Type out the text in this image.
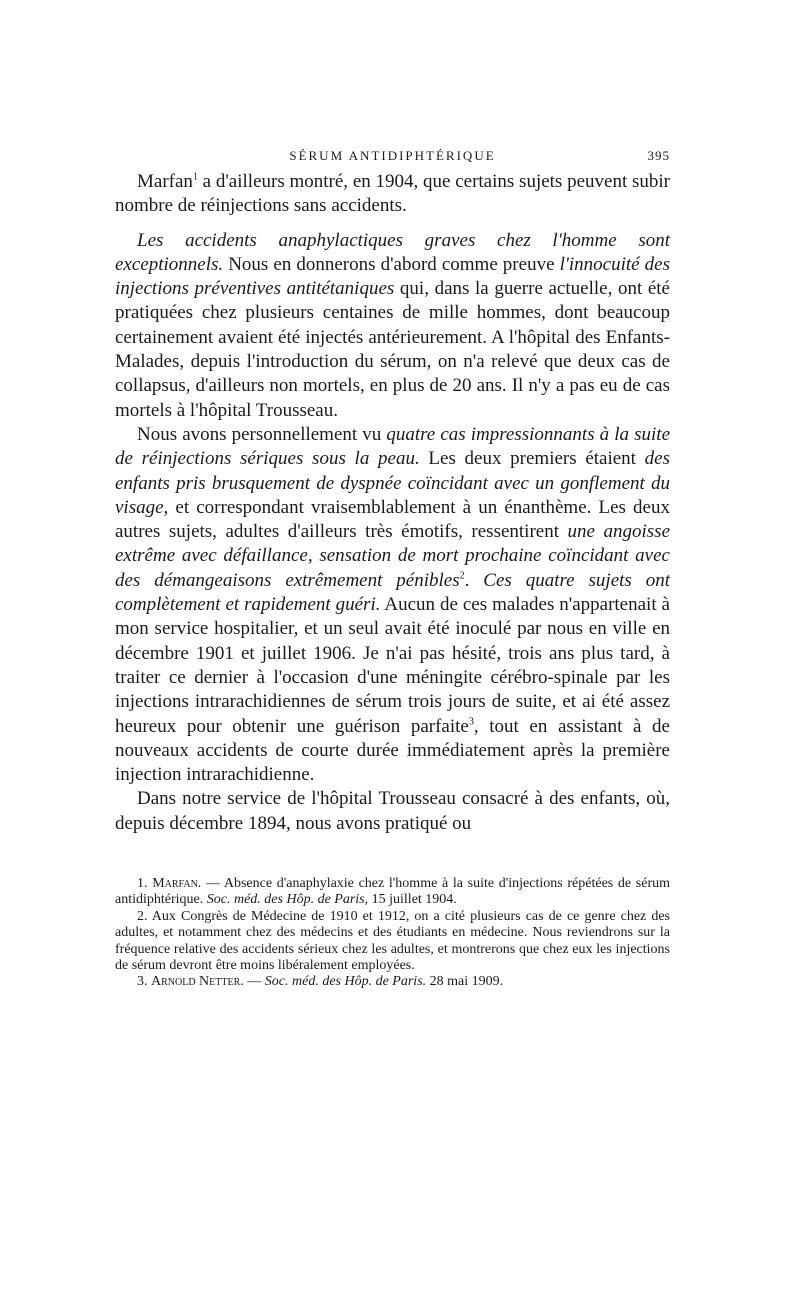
SÉRUM ANTIDIPHTÉRIQUE	395

Marfan$^1$ a d'ailleurs montré, en 1904, que certains sujets peuvent subir nombre de réinjections sans accidents.

Les accidents anaphylactiques graves chez l'homme sont exceptionnels. Nous en donnerons d'abord comme preuve l'innocuité des injections préventives antitétaniques qui, dans la guerre actuelle, ont été pratiquées chez plusieurs centaines de mille hommes, dont beaucoup certainement avaient été injectés antérieurement. A l'hôpital des Enfants-Malades, depuis l'introduction du sérum, on n'a relevé que deux cas de collapsus, d'ailleurs non mortels, en plus de 20 ans. Il n'y a pas eu de cas mortels à l'hôpital Trousseau.

Nous avons personnellement vu quatre cas impressionnants à la suite de réinjections sériques sous la peau. Les deux premiers étaient des enfants pris brusquement de dyspnée coïncidant avec un gonflement du visage, et correspondant vraisemblablement à un énanthème. Les deux autres sujets, adultes d'ailleurs très émotifs, ressentirent une angoisse extrême avec défaillance, sensation de mort prochaine coïncidant avec des démangeaisons extrêmement pénibles$^2$. Ces quatre sujets ont complètement et rapidement guéri. Aucun de ces malades n'appartenait à mon service hospitalier, et un seul avait été inoculé par nous en ville en décembre 1901 et juillet 1906. Je n'ai pas hésité, trois ans plus tard, à traiter ce dernier à l'occasion d'une méningite cérébro-spinale par les injections intrarachidiennes de sérum trois jours de suite, et ai été assez heureux pour obtenir une guérison parfaite$^3$, tout en assistant à de nouveaux accidents de courte durée immédiatement après la première injection intrarachidienne.

Dans notre service de l'hôpital Trousseau consacré à des enfants, où, depuis décembre 1894, nous avons pratiqué ou

1. Marfan. — Absence d'anaphylaxie chez l'homme à la suite d'injections répétées de sérum antidiphtérique. Soc. méd. des Hôp. de Paris, 15 juillet 1904.

2. Aux Congrès de Médecine de 1910 et 1912, on a cité plusieurs cas de ce genre chez des adultes, et notamment chez des médecins et des étudiants en médecine. Nous reviendrons sur la fréquence relative des accidents sérieux chez les adultes, et montrerons que chez eux les injections de sérum devront être moins libéralement employées.

3. Arnold Netter. — Soc. méd. des Hôp. de Paris. 28 mai 1909.
